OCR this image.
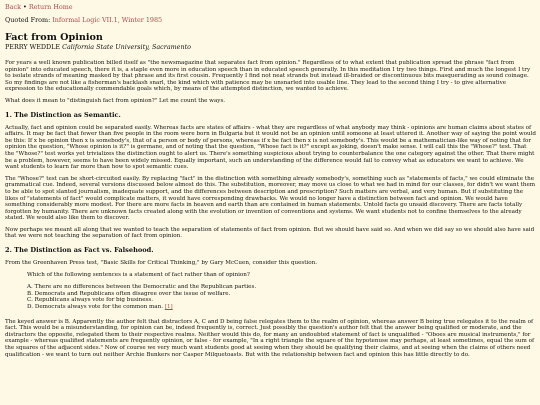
Back • Return Home
Quoted From: Informal Logic VII.1, Winter 1985
Fact from Opinion
PERRY WEDDLE California State University, Sacramento

For years a well known publication billed itself as "the newsmagazine that separates fact from opinion." Regardless of to what extent that publication spread the phrase "fact from opinion" into educated speech, there it is, a staple even more in education speech than in educated speech generally. In this meditation I try two things. First and much the longest I try to isolate strands of meaning masked by that phrase and its first cousin. Frequently I find not neat strands but instead ill-braided or discontinuous bits masquerading as sound coinage. So my findings are not like a fisherman's backlash snarl, the kind which with patience may be unsnarled into usable line. They lead to the second thing I try - to give alternative expression to the educationally commendable goals which, by means of the attempted distinction, we wanted to achieve.

What does it mean to "distinguish fact from opinion?" Let me count the ways.

1. The Distinction as Semantic.

Actually, fact and opinion could be separated easily. Whereas facts are states of affairs - what they are regardless of what anybody may think - opinions are human claims about states of affairs. It may be fact that fewer than five people in the room were born in Bulgaria but it would not be an opinion until someone at least uttered it. Another way of saying the point would be this: If x be opinion then x is somebody's, that of a person or body of persons, whereas if x be fact then x is not somebody's. This would be a mathematician-like way of noting that for opinion the question, "Whose opinion is it?" is germane, and of noting that the question, "Whose fact is it?" except as joking, doesn't make sense. I will call this the "Whose?" test. That the "Whose?" test works yet trivializes the distinction ought to alert us. There's something suspicious about trying to counterbalance the one category against the other. That there might be a problem, however, seems to have been widely missed. Equally important, such an understanding of the difference would fail to convey what as educators we want to achieve. We want students to learn far more than how to spot semantic cues.

The "Whose?" test can be short-circuited easily. By replacing "fact" in the distinction with something already somebody's, something such as "statements of facts," we could eliminate the grammatical cue. Indeed, several versions discussed below almost do this. The substitution, moreover, may move us close to what we had in mind for our classes, for didn't we want them to be able to spot slanted journalism, inadequate support, and the differences between description and prescription? Such matters are verbal, and very human. But if substituting the likes of "statements of fact" would complicate matters, it would have corresponding drawbacks. We would no longer have a distinction between fact and opinion. We would have something considerably more modest. For there are more facts in heaven and earth than are contained in human statements. Untold facts go unsaid discovery. There are facts totally forgotten by humanity. There are unknown facts created along with the evolution or invention of conventions and systems. We want students not to confine themselves to the already stated. We would also like them to discover.

Now perhaps we meant all along that we wanted to teach the separation of statements of fact from opinion. But we should have said so. And when we did say so we should also have said that we were not teaching the separation of fact from opinion.

2. The Distinction as Fact vs. Falsehood.

From the Greenhaven Press test, "Basic Skills for Critical Thinking," by Gary McCuen, consider this question.

Which of the following sentences is a statement of fact rather than of opinion?
A. There are no differences between the Democratic and the Republican parties.
B. Democrats and Republicans often disagree over the issue of welfare.
C. Republicans always vote for big business.
D. Democrats always vote for the common man. [1]

The keyed answer is B. Apparently the author felt that distractors A, C and D being false relegates them to the realm of opinion, whereas answer B being true relegates it to the realm of fact. This would be a misunderstanding, for opinion can be, indeed frequently is, correct. Just possibly the question's author felt that the answer being qualified or moderate, and the distractors the opposite, relegated them to their respective realms. Neither would this do, for many an undoubted statement of fact is unqualified - "Oboes are musical instruments," for example - whereas qualified statements are frequently opinion, or false - for example, "In a right triangle the square of the hypotenuse may perhaps, at least sometimes, equal the sum of the squares of the adjacent sides." Now of course we very much want students good at seeing when they should be qualifying their claims, and at seeing when the claims of others need qualification - we want to turn out neither Archie Bunkers nor Casper Milquetoasts. But with the relationship between fact and opinion this has little directly to do.
